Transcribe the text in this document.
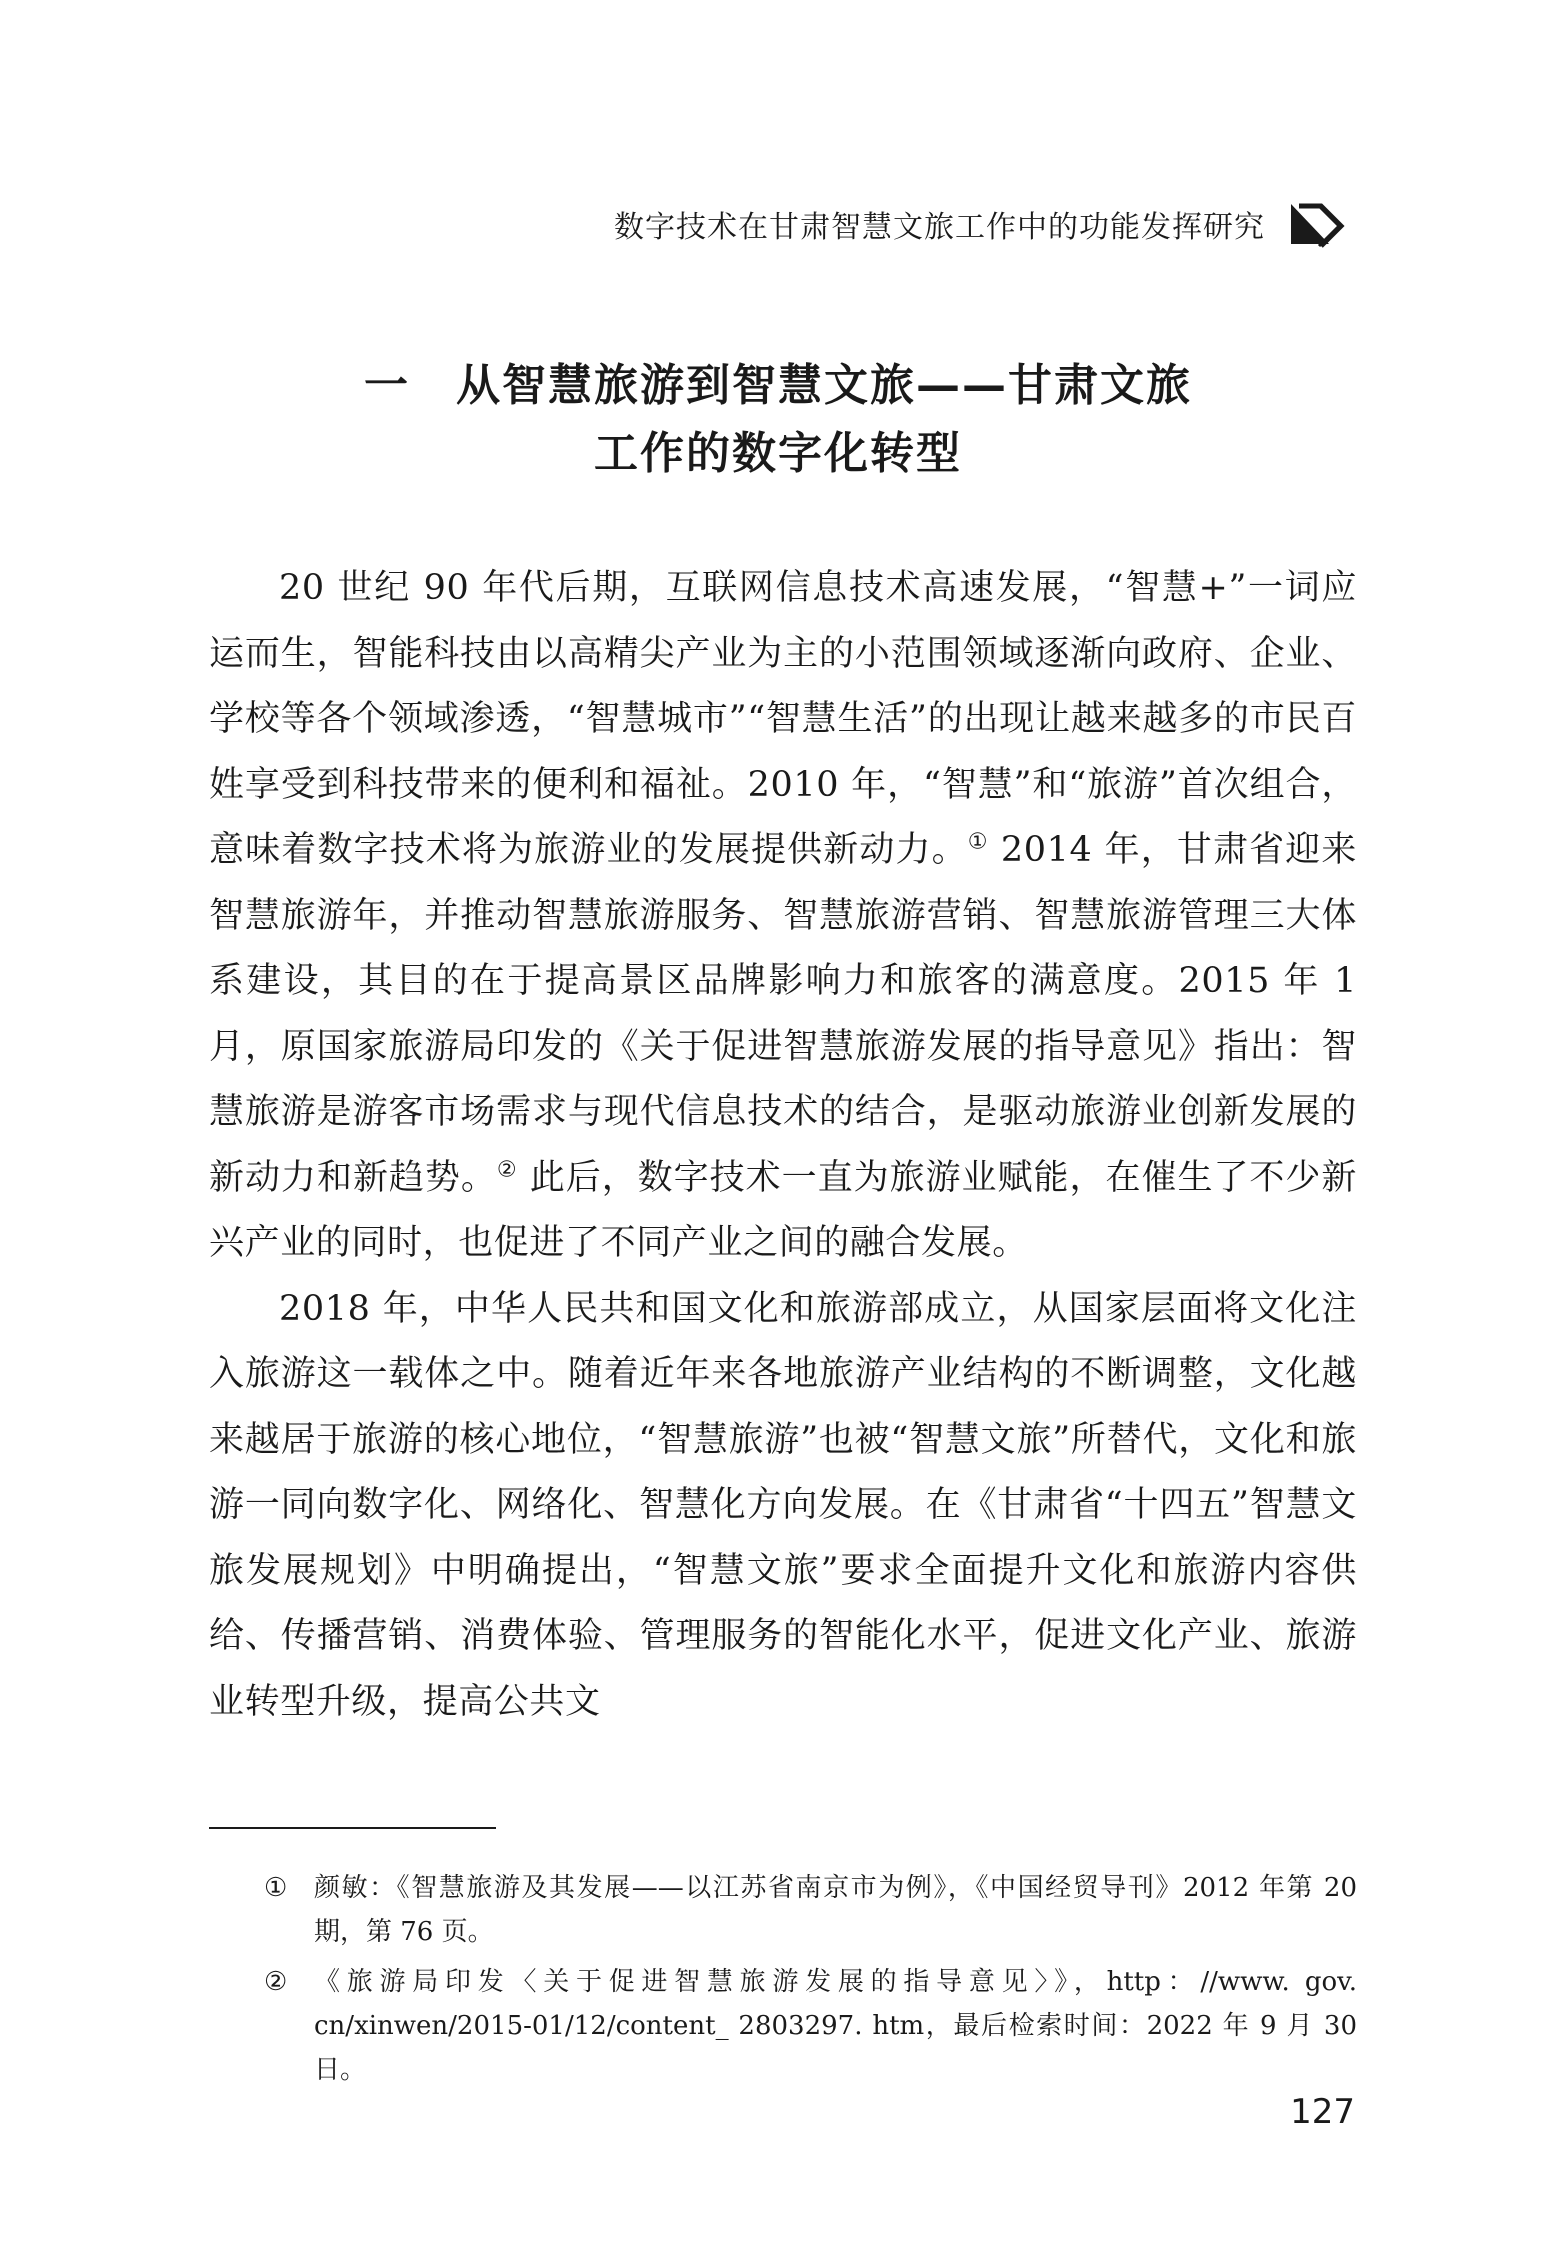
数字技术在甘肃智慧文旅工作中的功能发挥研究
一　从智慧旅游到智慧文旅——甘肃文旅
工作的数字化转型

20 世纪 90 年代后期，互联网信息技术高速发展，“智慧+”一词应运而生，智能科技由以高精尖产业为主的小范围领域逐渐向政府、企业、学校等各个领域渗透，“智慧城市”“智慧生活”的出现让越来越多的市民百姓享受到科技带来的便利和福祉。2010 年，“智慧”和“旅游”首次组合，意味着数字技术将为旅游业的发展提供新动力。① 2014 年，甘肃省迎来智慧旅游年，并推动智慧旅游服务、智慧旅游营销、智慧旅游管理三大体系建设，其目的在于提高景区品牌影响力和旅客的满意度。2015 年 1 月，原国家旅游局印发的《关于促进智慧旅游发展的指导意见》指出：智慧旅游是游客市场需求与现代信息技术的结合，是驱动旅游业创新发展的新动力和新趋势。② 此后，数字技术一直为旅游业赋能，在催生了不少新兴产业的同时，也促进了不同产业之间的融合发展。

2018 年，中华人民共和国文化和旅游部成立，从国家层面将文化注入旅游这一载体之中。随着近年来各地旅游产业结构的不断调整，文化越来越居于旅游的核心地位，“智慧旅游”也被“智慧文旅”所替代，文化和旅游一同向数字化、网络化、智慧化方向发展。在《甘肃省“十四五”智慧文旅发展规划》中明确提出，“智慧文旅”要求全面提升文化和旅游内容供给、传播营销、消费体验、管理服务的智能化水平，促进文化产业、旅游业转型升级，提高公共文

①	颜敏：《智慧旅游及其发展——以江苏省南京市为例》，《中国经贸导刊》2012 年第 20 期，第 76 页。
②	《旅游局印发〈关于促进智慧旅游发展的指导意见〉》，http：//www. gov. cn/xinwen/2015-01/12/content_ 2803297. htm，最后检索时间：2022 年 9 月 30 日。
127
